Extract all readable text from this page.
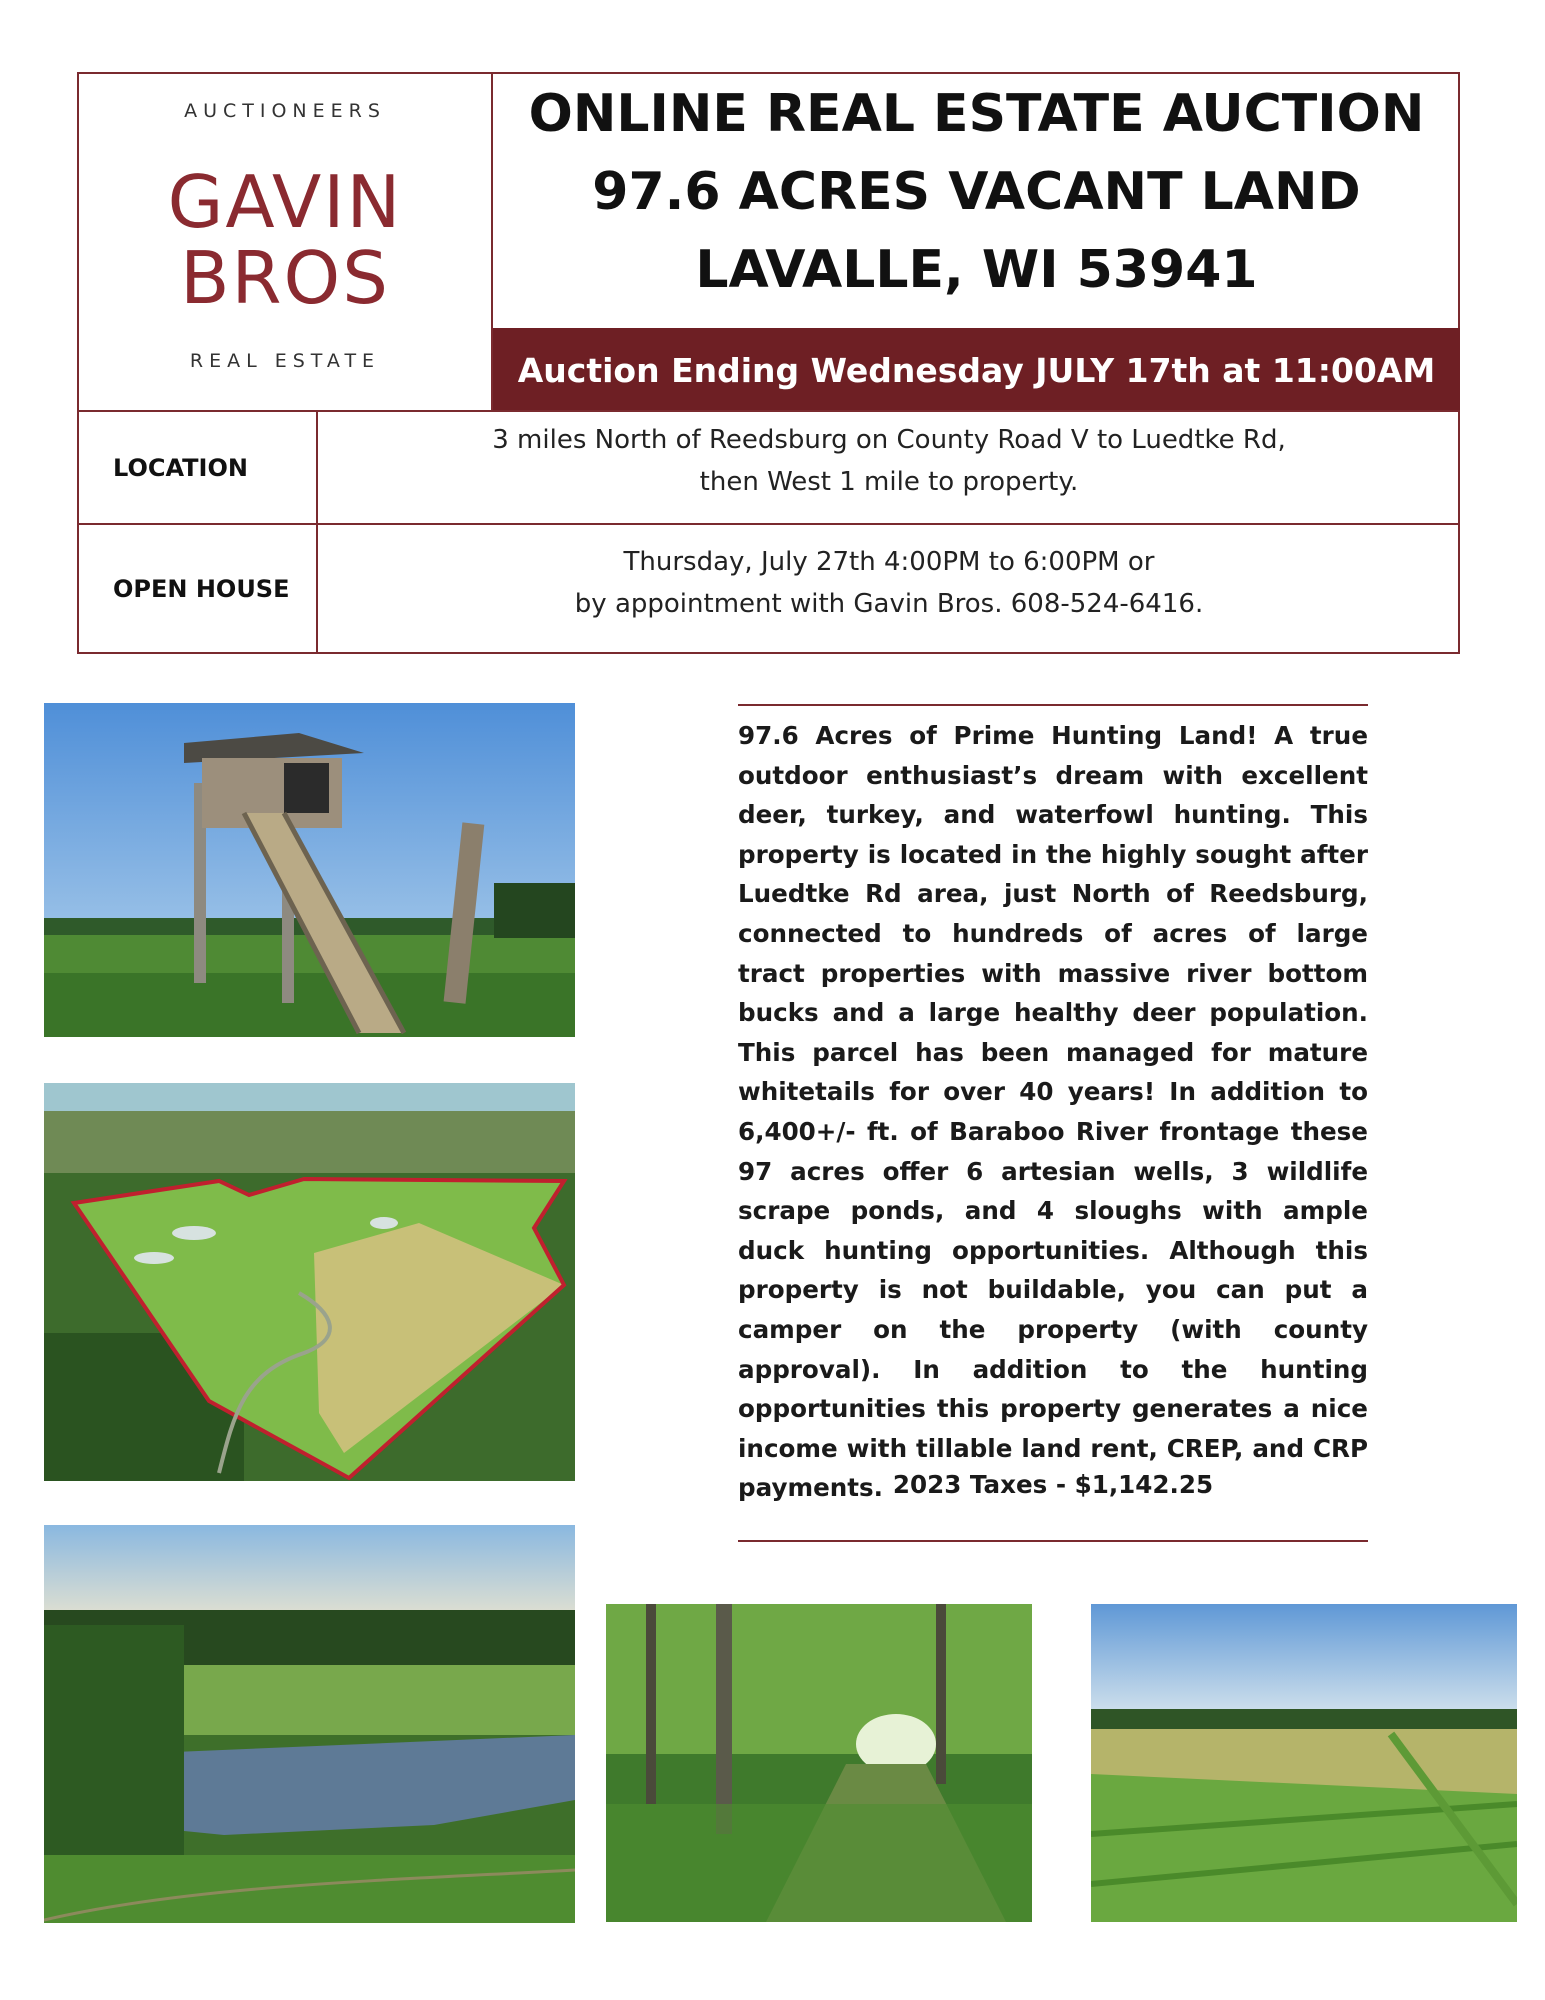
AUCTIONEERS
GAVIN
BROS
REAL ESTATE
ONLINE REAL ESTATE AUCTION
97.6 ACRES VACANT LAND
LAVALLE, WI 53941
Auction Ending Wednesday JULY 17th at 11:00AM
LOCATION
3 miles North of Reedsburg on County Road V to Luedtke Rd,
then West 1 mile to property.
OPEN HOUSE
Thursday, July 27th 4:00PM to 6:00PM or
by appointment with Gavin Bros. 608-524-6416.
97.6 Acres of Prime Hunting Land! A true outdoor enthusiast’s dream with excellent deer, turkey, and waterfowl hunting. This property is located in the highly sought after Luedtke Rd area, just North of Reedsburg, connected to hundreds of acres of large tract properties with massive river bottom bucks and a large healthy deer population. This parcel has been managed for mature whitetails for over 40 years! In addition to 6,400+/- ft. of Baraboo River frontage these 97 acres offer 6 artesian wells, 3 wildlife scrape ponds, and 4 sloughs with ample duck hunting opportunities. Although this property is not buildable, you can put a camper on the property (with county approval). In addition to the hunting opportunities this property generates a nice income with tillable land rent, CREP, and CRP payments. 2023 Taxes - $1,142.25
